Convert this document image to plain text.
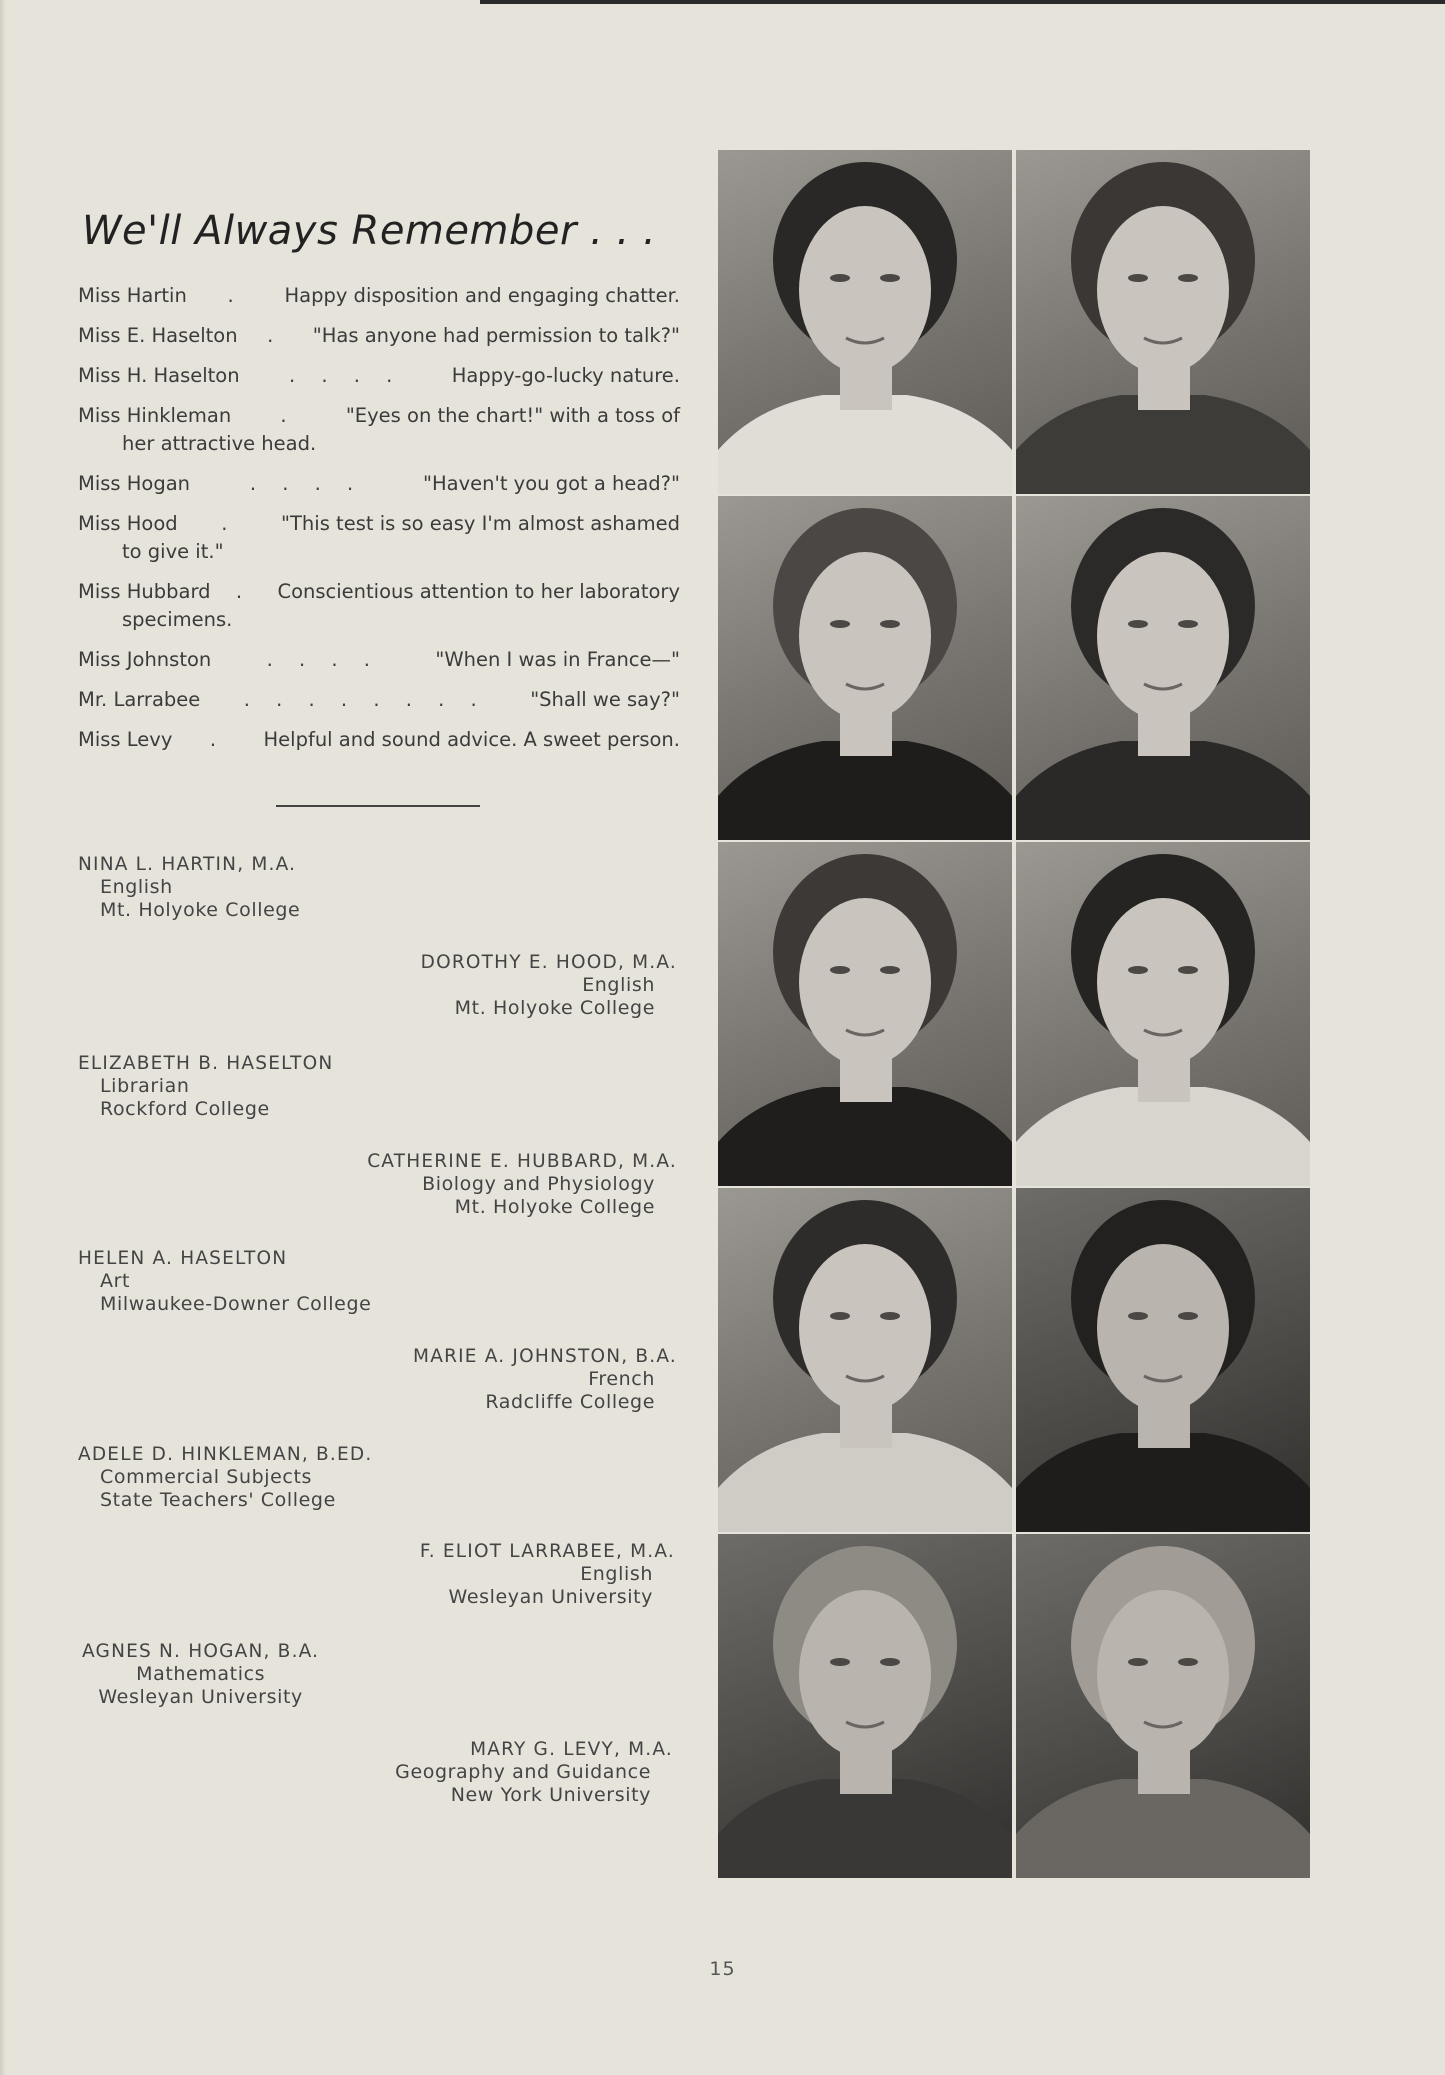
We'll Always Remember . . .
Miss Hartin	.	Happy disposition and engaging chatter.
Miss E. Haselton	.	"Has anyone had permission to talk?"
Miss H. Haselton	. . . .	Happy-go-lucky nature.
Miss Hinkleman	.	"Eyes on the chart!" with a toss of
her attractive head.
Miss Hogan	. . . .	"Haven't you got a head?"
Miss Hood	.	"This test is so easy I'm almost ashamed
to give it."
Miss Hubbard	.	Conscientious attention to her laboratory
specimens.
Miss Johnston	. . . .	"When I was in France—"
Mr. Larrabee	. . . . . . . .	"Shall we say?"
Miss Levy	.	Helpful and sound advice. A sweet person.
NINA L. HARTIN, M.A.
English
Mt. Holyoke College
DOROTHY E. HOOD, M.A.
English
Mt. Holyoke College
ELIZABETH B. HASELTON
Librarian
Rockford College
CATHERINE E. HUBBARD, M.A.
Biology and Physiology
Mt. Holyoke College
HELEN A. HASELTON
Art
Milwaukee-Downer College
MARIE A. JOHNSTON, B.A.
French
Radcliffe College
ADELE D. HINKLEMAN, B.ED.
Commercial Subjects
State Teachers' College
F. ELIOT LARRABEE, M.A.
English
Wesleyan University
AGNES N. HOGAN, B.A.
Mathematics
Wesleyan University
MARY G. LEVY, M.A.
Geography and Guidance
New York University
15
